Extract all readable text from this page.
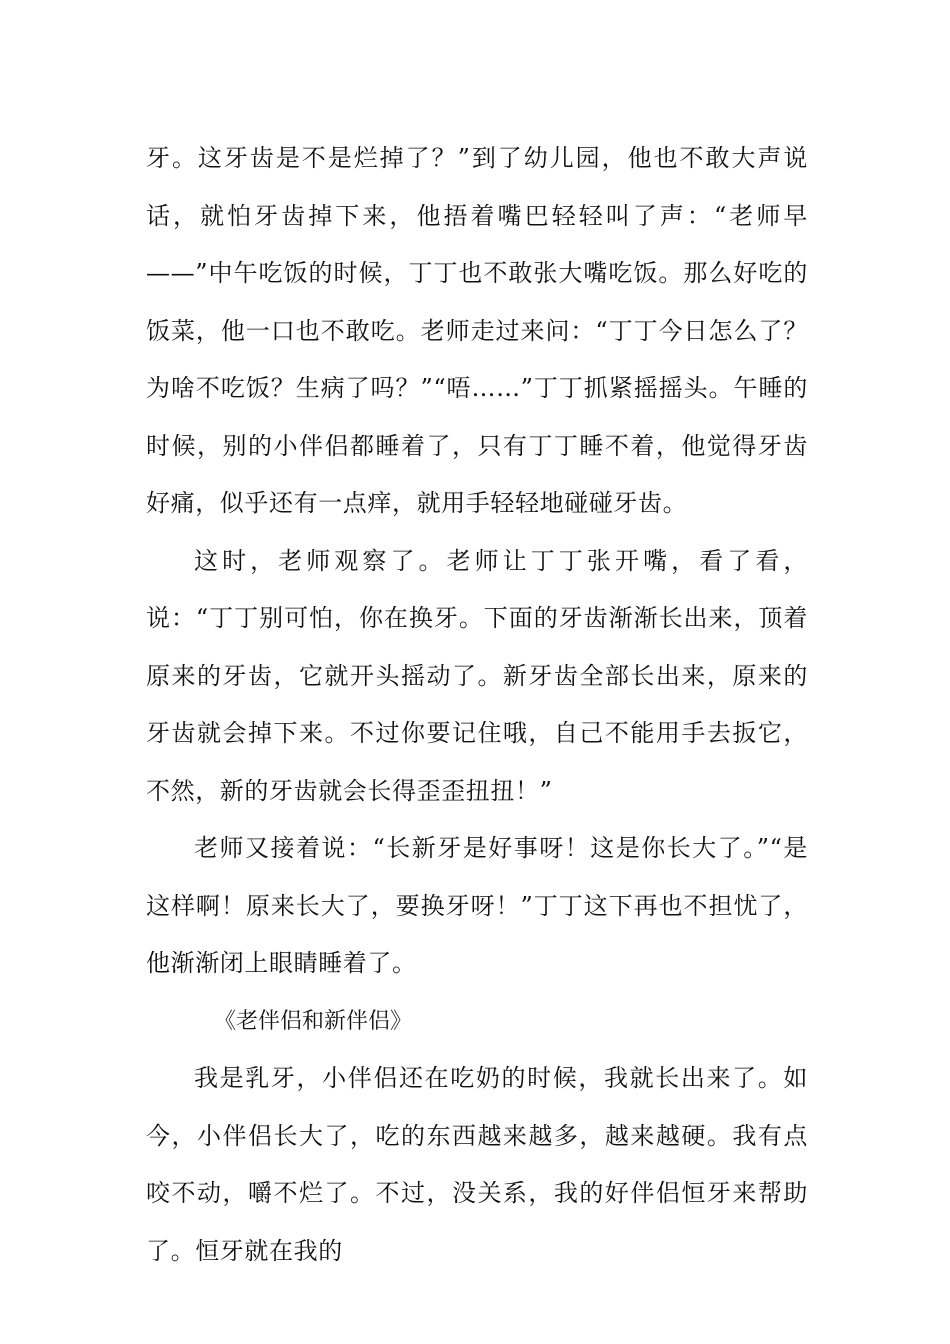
牙。这牙齿是不是烂掉了？”到了幼儿园，他也不敢大声说话，就怕牙齿掉下来，他捂着嘴巴轻轻叫了声：“老师早——”中午吃饭的时候，丁丁也不敢张大嘴吃饭。那么好吃的饭菜，他一口也不敢吃。老师走过来问：“丁丁今日怎么了？为啥不吃饭？生病了吗？”“唔……”丁丁抓紧摇摇头。午睡的时候，别的小伴侣都睡着了，只有丁丁睡不着，他觉得牙齿好痛，似乎还有一点痒，就用手轻轻地碰碰牙齿。

这时，老师观察了。老师让丁丁张开嘴，看了看，说：“丁丁别可怕，你在换牙。下面的牙齿渐渐长出来，顶着原来的牙齿，它就开头摇动了。新牙齿全部长出来，原来的牙齿就会掉下来。不过你要记住哦，自己不能用手去扳它，不然，新的牙齿就会长得歪歪扭扭！”

老师又接着说：“长新牙是好事呀！这是你长大了。”“是这样啊！原来长大了，要换牙呀！”丁丁这下再也不担忧了，他渐渐闭上眼睛睡着了。

《老伴侣和新伴侣》

我是乳牙，小伴侣还在吃奶的时候，我就长出来了。如今，小伴侣长大了，吃的东西越来越多，越来越硬。我有点咬不动，嚼不烂了。不过，没关系，我的好伴侣恒牙来帮助了。恒牙就在我的
